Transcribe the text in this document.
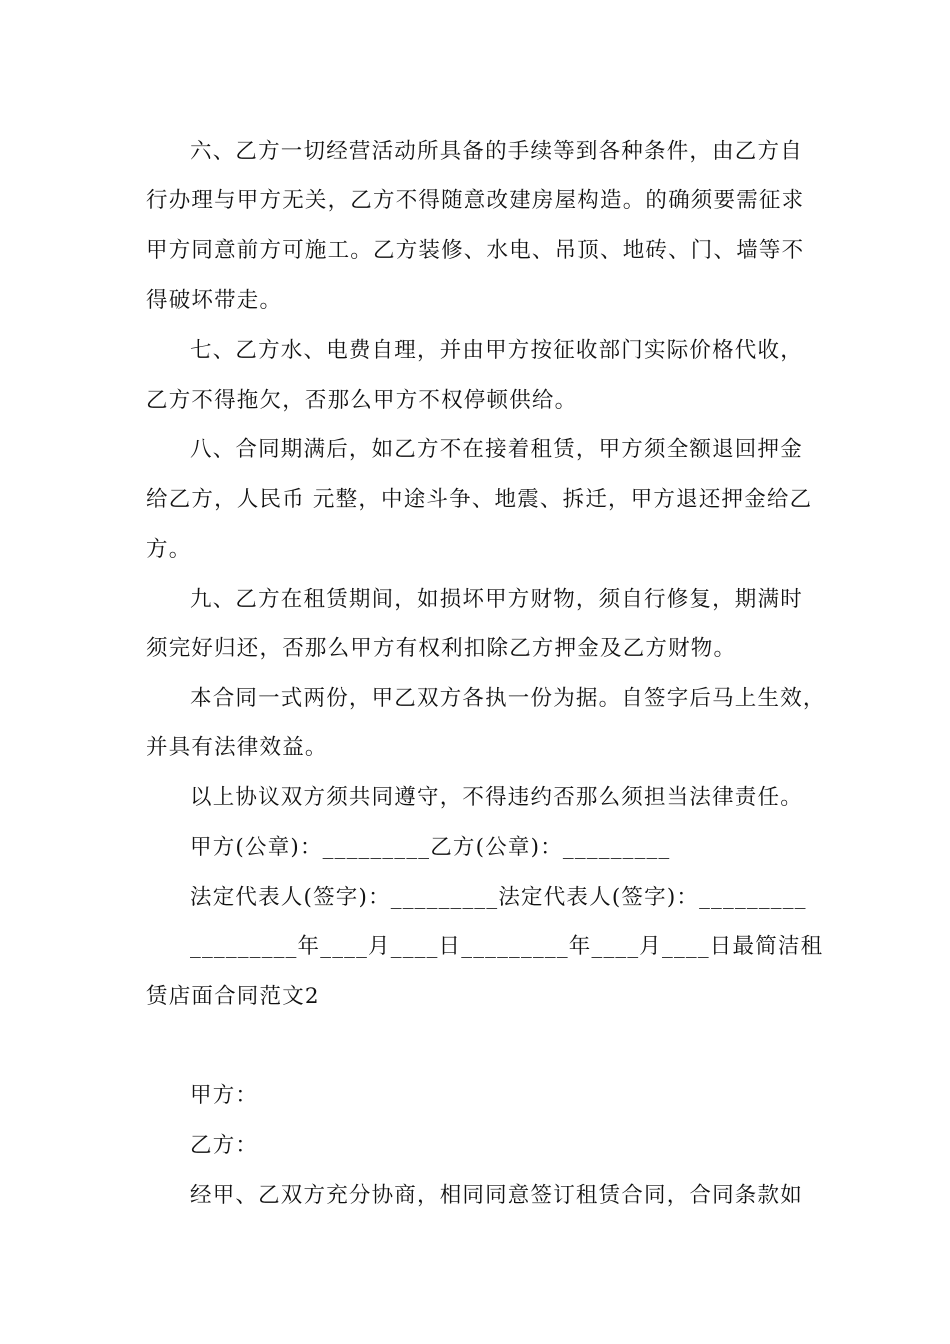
六、乙方一切经营活动所具备的手续等到各种条件，由乙方自
行办理与甲方无关，乙方不得随意改建房屋构造。的确须要需征求
甲方同意前方可施工。乙方装修、水电、吊顶、地砖、门、墙等不
得破坏带走。
七、乙方水、电费自理，并由甲方按征收部门实际价格代收，
乙方不得拖欠，否那么甲方不权停顿供给。
八、合同期满后，如乙方不在接着租赁，甲方须全额退回押金
给乙方，人民币 元整，中途斗争、地震、拆迁，甲方退还押金给乙
方。
九、乙方在租赁期间，如损坏甲方财物，须自行修复，期满时
须完好归还，否那么甲方有权利扣除乙方押金及乙方财物。
本合同一式两份，甲乙双方各执一份为据。自签字后马上生效，
并具有法律效益。
以上协议双方须共同遵守，不得违约否那么须担当法律责任。
甲方(公章)：_________乙方(公章)：_________
法定代表人(签字)：_________法定代表人(签字)：_________
_________年____月____日_________年____月____日最简洁租
赁店面合同范文2
甲方：
乙方：
经甲、乙双方充分协商，相同同意签订租赁合同，合同条款如
